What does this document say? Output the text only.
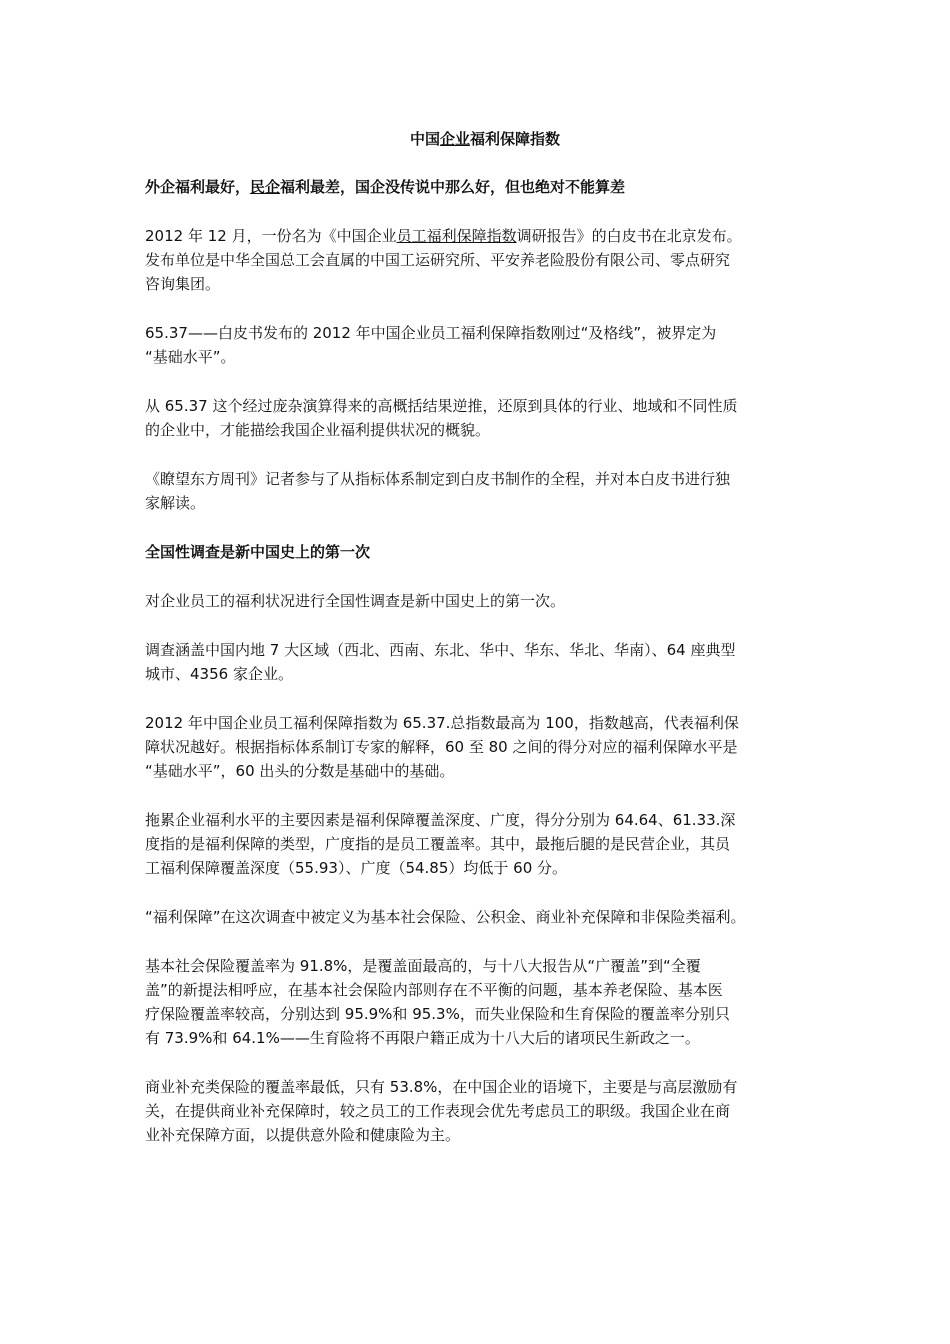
中国企业福利保障指数
外企福利最好，民企福利最差，国企没传说中那么好，但也绝对不能算差
2012 年 12 月，一份名为《中国企业员工福利保障指数调研报告》的白皮书在北京发布。
发布单位是中华全国总工会直属的中国工运研究所、平安养老险股份有限公司、零点研究
咨询集团。
65.37——白皮书发布的 2012 年中国企业员工福利保障指数刚过“及格线”，被界定为
“基础水平”。
从 65.37 这个经过庞杂演算得来的高概括结果逆推，还原到具体的行业、地域和不同性质
的企业中，才能描绘我国企业福利提供状况的概貌。
《瞭望东方周刊》记者参与了从指标体系制定到白皮书制作的全程，并对本白皮书进行独
家解读。
全国性调查是新中国史上的第一次
对企业员工的福利状况进行全国性调查是新中国史上的第一次。
调查涵盖中国内地 7 大区域（西北、西南、东北、华中、华东、华北、华南）、64 座典型
城市、4356 家企业。
2012 年中国企业员工福利保障指数为 65.37.总指数最高为 100，指数越高，代表福利保
障状况越好。根据指标体系制订专家的解释，60 至 80 之间的得分对应的福利保障水平是
“基础水平”，60 出头的分数是基础中的基础。
拖累企业福利水平的主要因素是福利保障覆盖深度、广度，得分分别为 64.64、61.33.深
度指的是福利保障的类型，广度指的是员工覆盖率。其中，最拖后腿的是民营企业，其员
工福利保障覆盖深度（55.93）、广度（54.85）均低于 60 分。
“福利保障”在这次调查中被定义为基本社会保险、公积金、商业补充保障和非保险类福利。
基本社会保险覆盖率为 91.8%，是覆盖面最高的，与十八大报告从“广覆盖”到“全覆
盖”的新提法相呼应，在基本社会保险内部则存在不平衡的问题，基本养老保险、基本医
疗保险覆盖率较高，分别达到 95.9%和 95.3%，而失业保险和生育保险的覆盖率分别只
有 73.9%和 64.1%——生育险将不再限户籍正成为十八大后的诸项民生新政之一。
商业补充类保险的覆盖率最低，只有 53.8%，在中国企业的语境下，主要是与高层激励有
关，在提供商业补充保障时，较之员工的工作表现会优先考虑员工的职级。我国企业在商
业补充保障方面，以提供意外险和健康险为主。
